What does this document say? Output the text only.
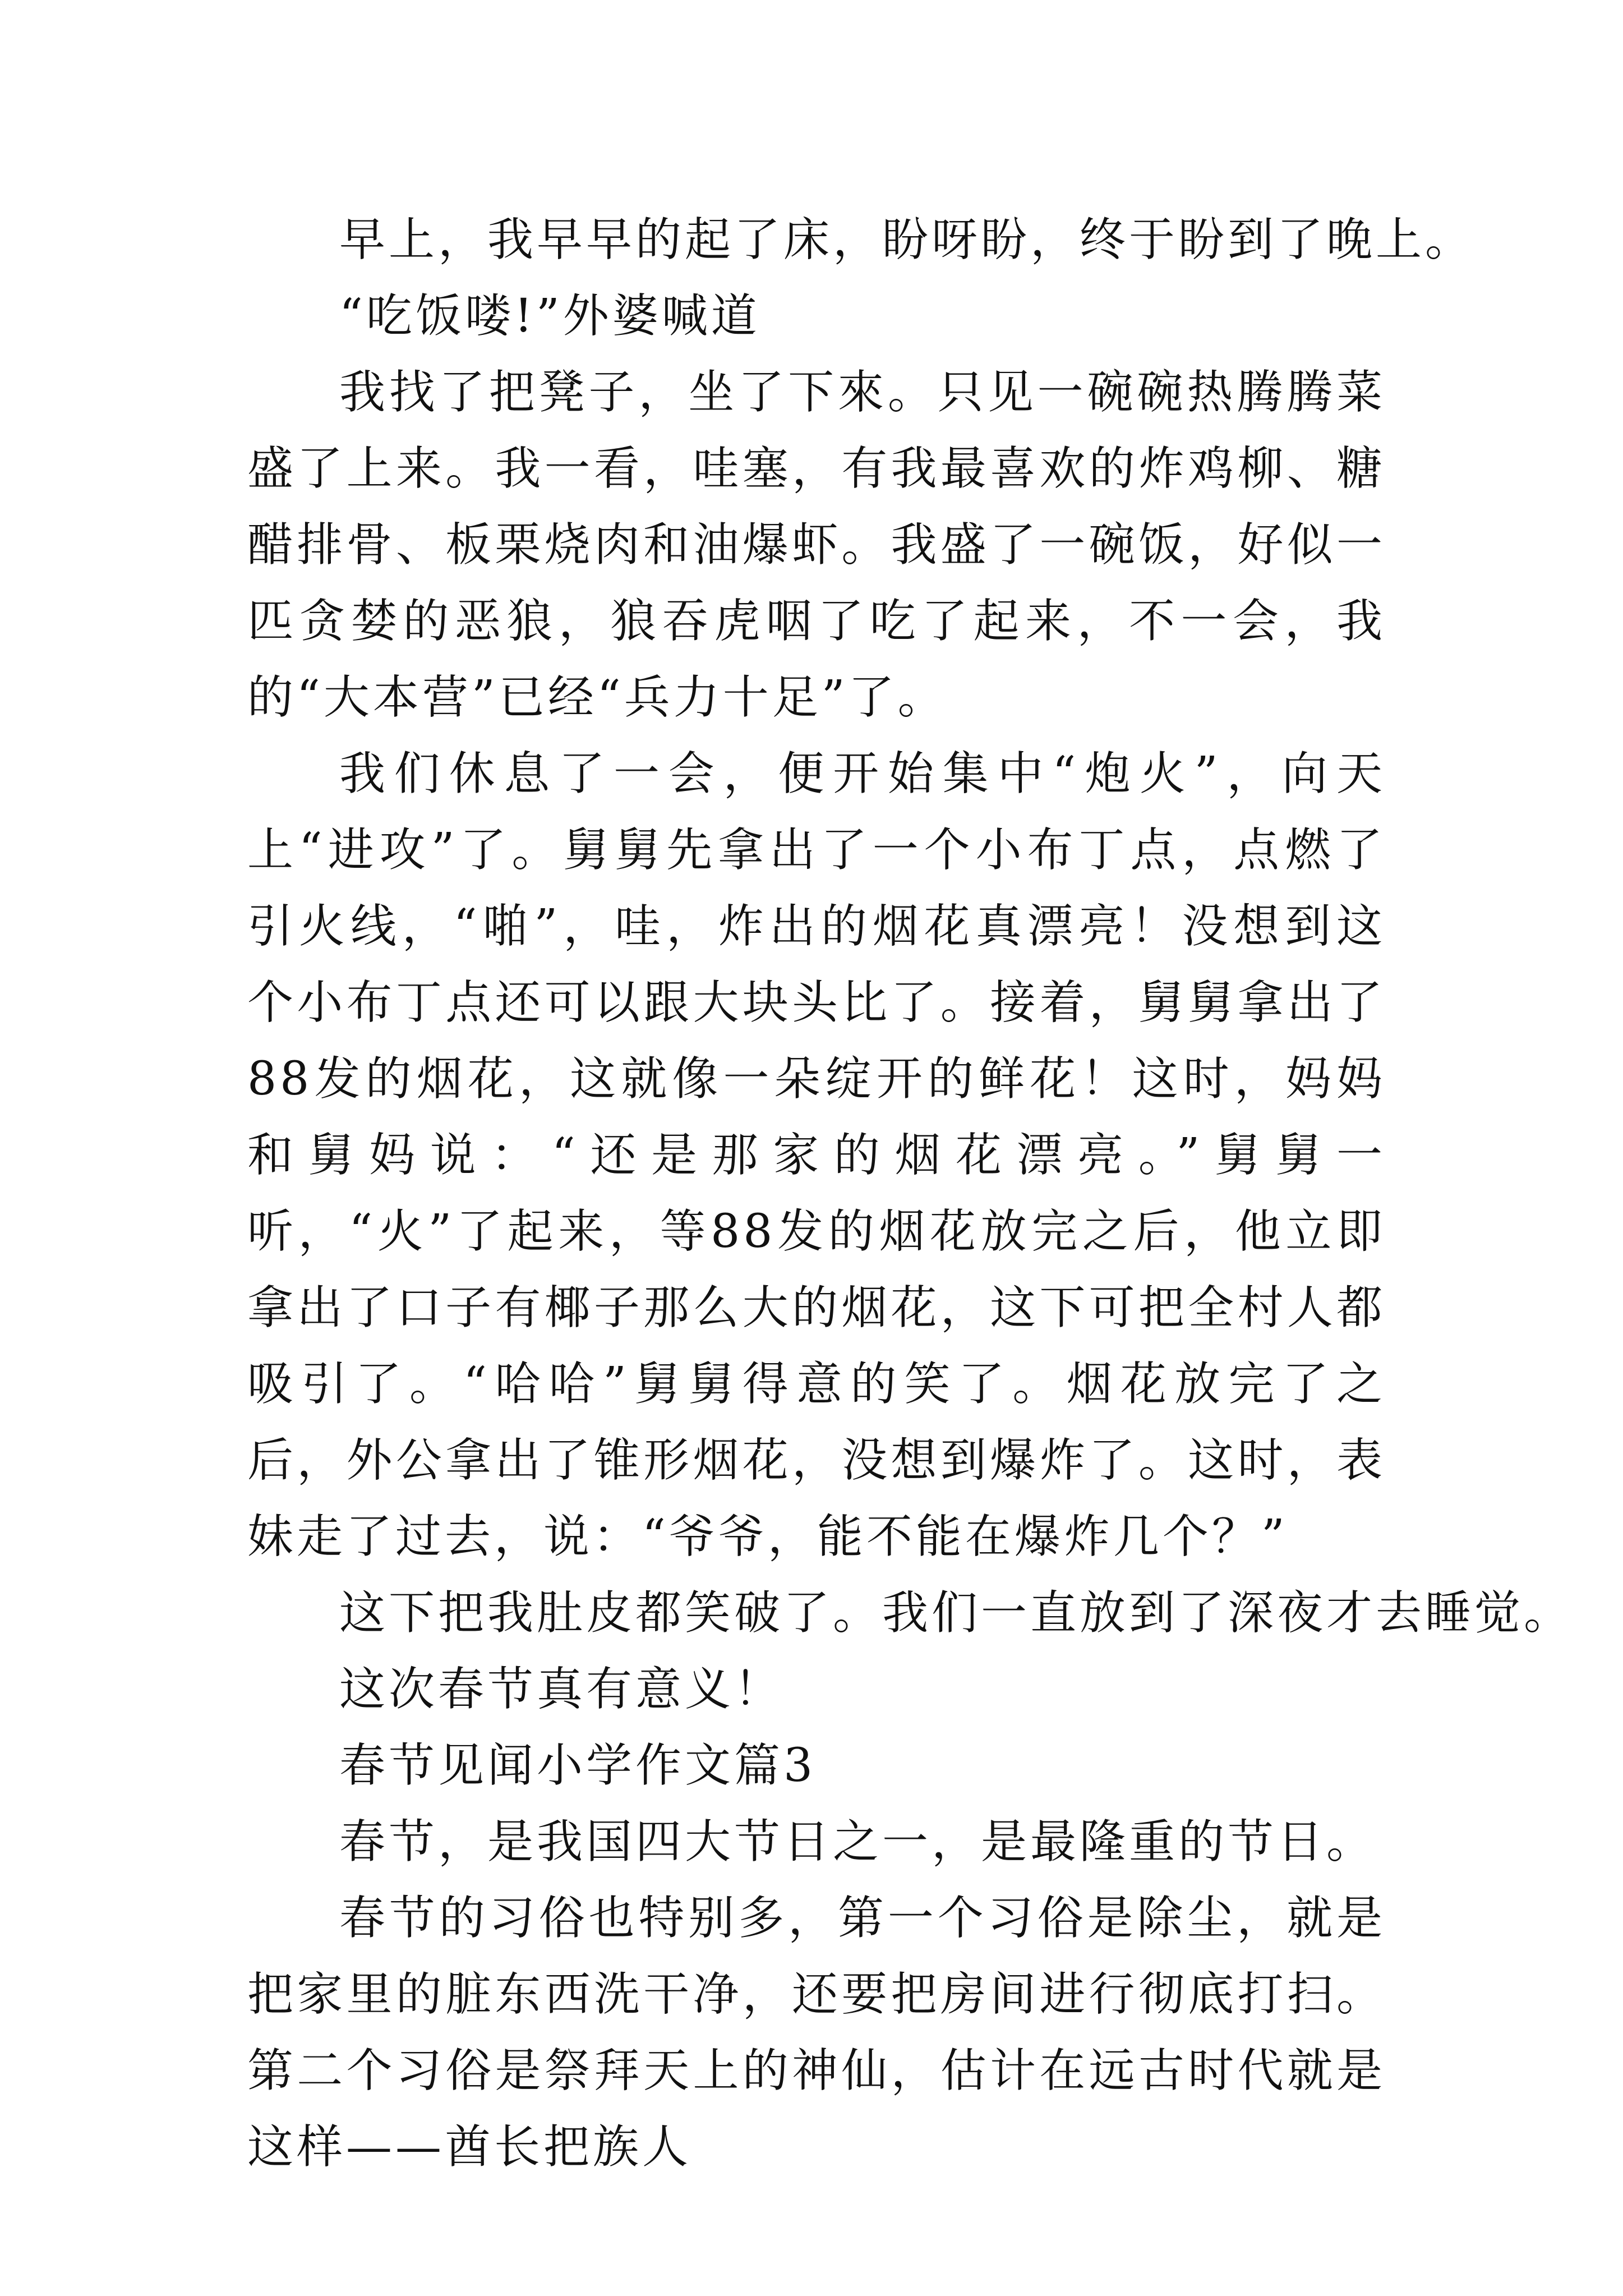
早上，我早早的起了床，盼呀盼，终于盼到了晚上。

“吃饭喽!”外婆喊道

我找了把凳子，坐了下來。只见一碗碗热腾腾菜盛了上来。我一看，哇塞，有我最喜欢的炸鸡柳、糖醋排骨、板栗烧肉和油爆虾。我盛了一碗饭，好似一匹贪婪的恶狼，狼吞虎咽了吃了起来，不一会，我的“大本营”已经“兵力十足”了。

我们休息了一会，便开始集中“炮火”，向天上“进攻”了。舅舅先拿出了一个小布丁点，点燃了引火线，“啪”，哇，炸出的烟花真漂亮！没想到这个小布丁点还可以跟大块头比了。接着，舅舅拿出了88发的烟花，这就像一朵绽开的鲜花！这时，妈妈和舅妈说：“还是那家的烟花漂亮。”舅舅一听，“火”了起来，等88发的烟花放完之后，他立即拿出了口子有椰子那么大的烟花，这下可把全村人都吸引了。“哈哈”舅舅得意的笑了。烟花放完了之后，外公拿出了锥形烟花，没想到爆炸了。这时，表妹走了过去，说：“爷爷，能不能在爆炸几个？”

这下把我肚皮都笑破了。我们一直放到了深夜才去睡觉。

这次春节真有意义！

春节见闻小学作文篇3

春节，是我国四大节日之一，是最隆重的节日。

春节的习俗也特别多，第一个习俗是除尘，就是把家里的脏东西洗干净，还要把房间进行彻底打扫。第二个习俗是祭拜天上的神仙，估计在远古时代就是这样——酋长把族人
